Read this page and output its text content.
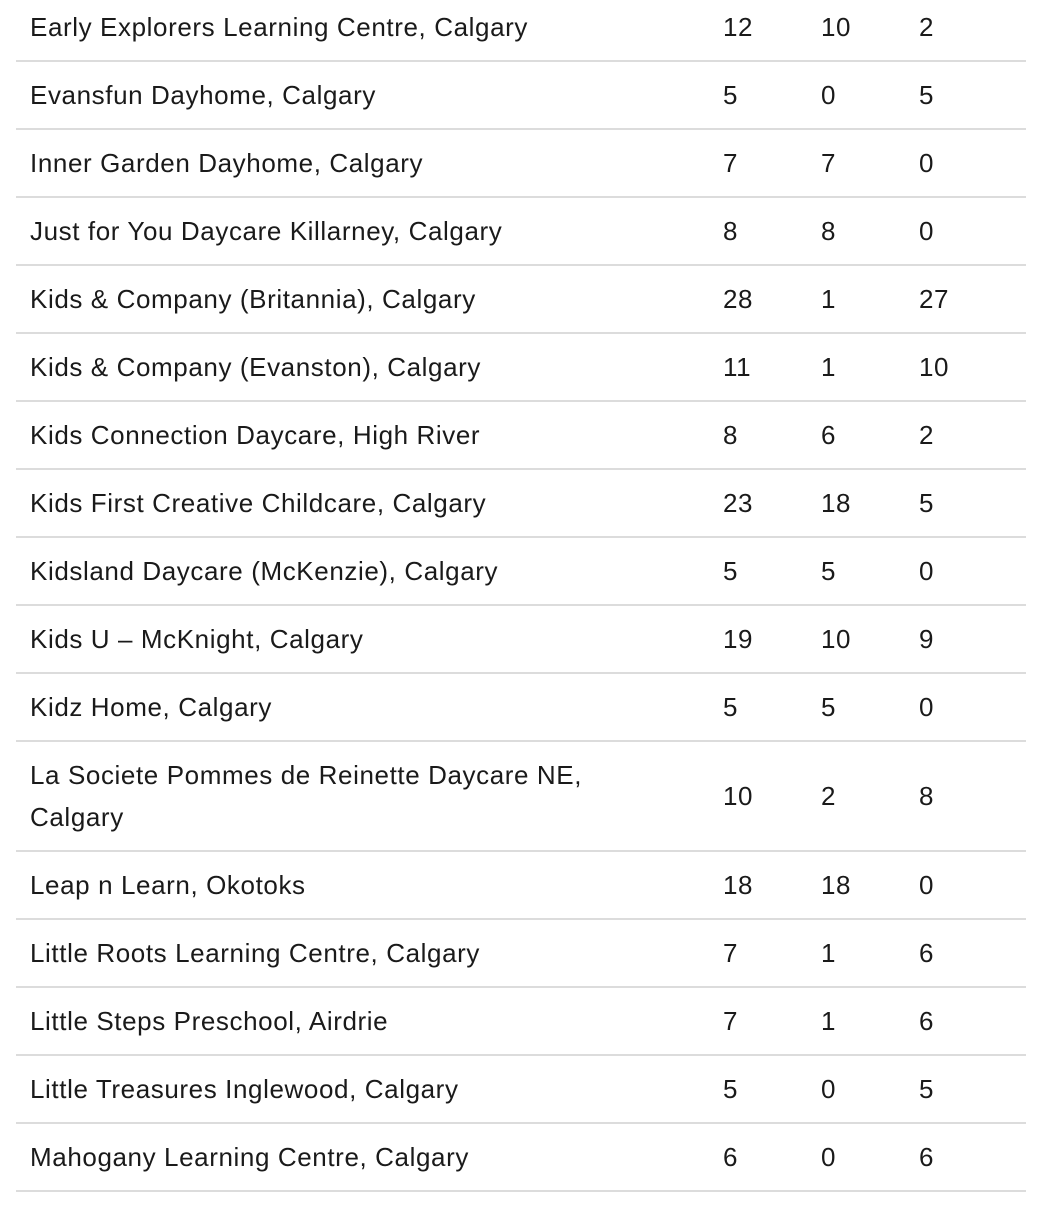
Early Explorers Learning Centre, Calgary	12	10	2
Evansfun Dayhome, Calgary	5	0	5
Inner Garden Dayhome, Calgary	7	7	0
Just for You Daycare Killarney, Calgary	8	8	0
Kids & Company (Britannia), Calgary	28	1	27
Kids & Company (Evanston), Calgary	11	1	10
Kids Connection Daycare, High River	8	6	2
Kids First Creative Childcare, Calgary	23	18	5
Kidsland Daycare (McKenzie), Calgary	5	5	0
Kids U – McKnight, Calgary	19	10	9
Kidz Home, Calgary	5	5	0
La Societe Pommes de Reinette Daycare NE, Calgary	10	2	8
Leap n Learn, Okotoks	18	18	0
Little Roots Learning Centre, Calgary	7	1	6
Little Steps Preschool, Airdrie	7	1	6
Little Treasures Inglewood, Calgary	5	0	5
Mahogany Learning Centre, Calgary	6	0	6
